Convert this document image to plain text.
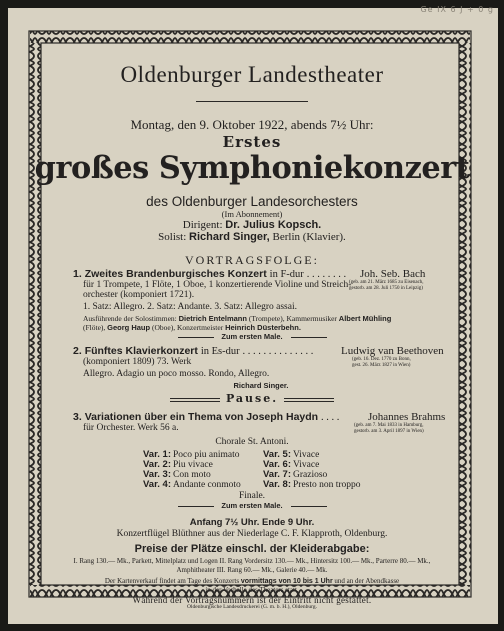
Ge IX 6 J + 0 g
Oldenburger Landestheater
Montag, den 9. Oktober 1922, abends 7½ Uhr:
Erstes
großes Symphoniekonzert
des Oldenburger Landesorchesters
(Im Abonnement)
Dirigent: Dr. Julius Kopsch.
Solist: Richard Singer, Berlin (Klavier).
VORTRAGSFOLGE:
1. Zweites Brandenburgisches Konzert in F-dur . . . . . . . . Joh. Seb. Bach
(geb. am 21. März 1685 zu Eisenach,
gestorb. am 28. Juli 1750 in Leipzig)
für 1 Trompete, 1 Flöte, 1 Oboe, 1 konzertierende Violine und Streich-
orchester (komponiert 1721).
1. Satz: Allegro. 2. Satz: Andante. 3. Satz: Allegro assai.
Ausführende der Solostimmen: Dietrich Entelmann (Trompete), Kammermusiker Albert Mühling
(Flöte), Georg Haup (Oboe), Konzertmeister Heinrich Düsterbehn.
Zum ersten Male.
2. Fünftes Klavierkonzert in Es-dur . . . . . . . . . . . . . .	Ludwig van Beethoven
(geb. 16. Dez. 1770 zu Bonn,
gest. 26. März 1827 in Wien)
(komponiert 1809) 73. Werk
Allegro. Adagio un poco mosso. Rondo, Allegro.
Richard Singer.
Pause.
3. Variationen über ein Thema von Joseph Haydn . . . .	Johannes Brahms
(geb. am 7. Mai 1833 in Hamburg,
gestorb. am 3. April 1897 in Wien)
für Orchester. Werk 56 a.
Chorale St. Antoni.
Var. 1: Poco piu animato
Var. 2: Piu vivace
Var. 3: Con moto
Var. 4: Andante conmoto
Var. 5: Vivace
Var. 6: Vivace
Var. 7: Grazioso
Var. 8: Presto non troppo
Finale.
Zum ersten Male.
Anfang 7½ Uhr. Ende 9 Uhr.
Konzertflügel Blüthner aus der Niederlage C. F. Klapproth, Oldenburg.
Preise der Plätze einschl. der Kleiderabgabe:
I. Rang 130.— Mk., Parkett, Mittelplatz und Logen II. Rang Vordersitz 130.— Mk., Hintersitz 100.— Mk., Parterre 80.— Mk.,
Amphitheater III. Rang 60.— Mk., Galerie 40.— Mk.
Der Kartenverkauf findet am Tage des Konzerts vormittags von 10 bis 1 Uhr und an der Abendkasse
in der Vorhalle des Theaters statt.
Während der Vortragsnummern ist der Eintritt nicht gestattet.
Oldenburgische Landesdruckerei (G. m. b. H.), Oldenburg.
